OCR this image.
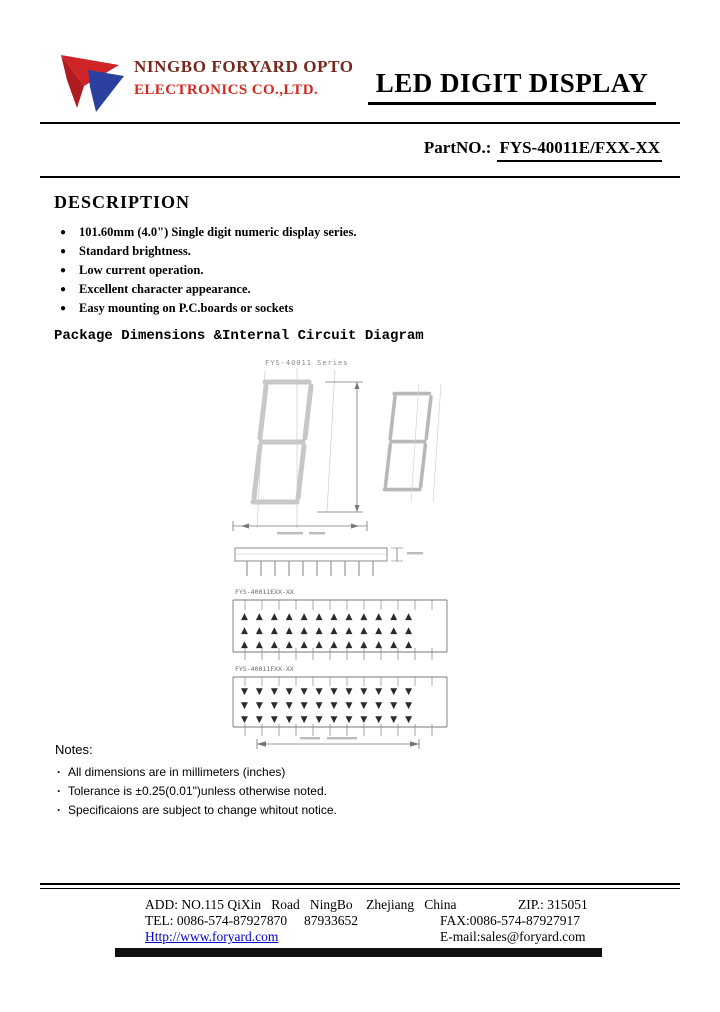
NINGBO FORYARD OPTO
ELECTRONICS CO.,LTD.	LED DIGIT DISPLAY
PartNO.: FYS-40011E/FXX-XX
DESCRIPTION
● 101.60mm (4.0") Single digit numeric display series.
● Standard brightness.
● Low current operation.
● Excellent character appearance.
● Easy mounting on P.C.boards or sockets
Package Dimensions &Internal Circuit Diagram
FYS-40011 Series
FYS-40011EXX-XX
▲▲▲▲▲▲▲▲▲▲▲▲
▲▲▲▲▲▲▲▲▲▲▲▲
▲▲▲▲▲▲▲▲▲▲▲▲
FYS-40011FXX-XX
▼▼▼▼▼▼▼▼▼▼▼▼
▼▼▼▼▼▼▼▼▼▼▼▼
▼▼▼▼▼▼▼▼▼▼▼▼
Notes:
· All dimensions are in millimeters (inches)
· Tolerance is ±0.25(0.01")unless otherwise noted.
· Specificaions are subject to change whitout notice.
ADD: NO.115 QiXin   Road   NingBo    Zhejiang   China	ZIP.: 315051
TEL: 0086-574-87927870     87933652	FAX:0086-574-87927917
Http://www.foryard.com	E-mail:sales@foryard.com
